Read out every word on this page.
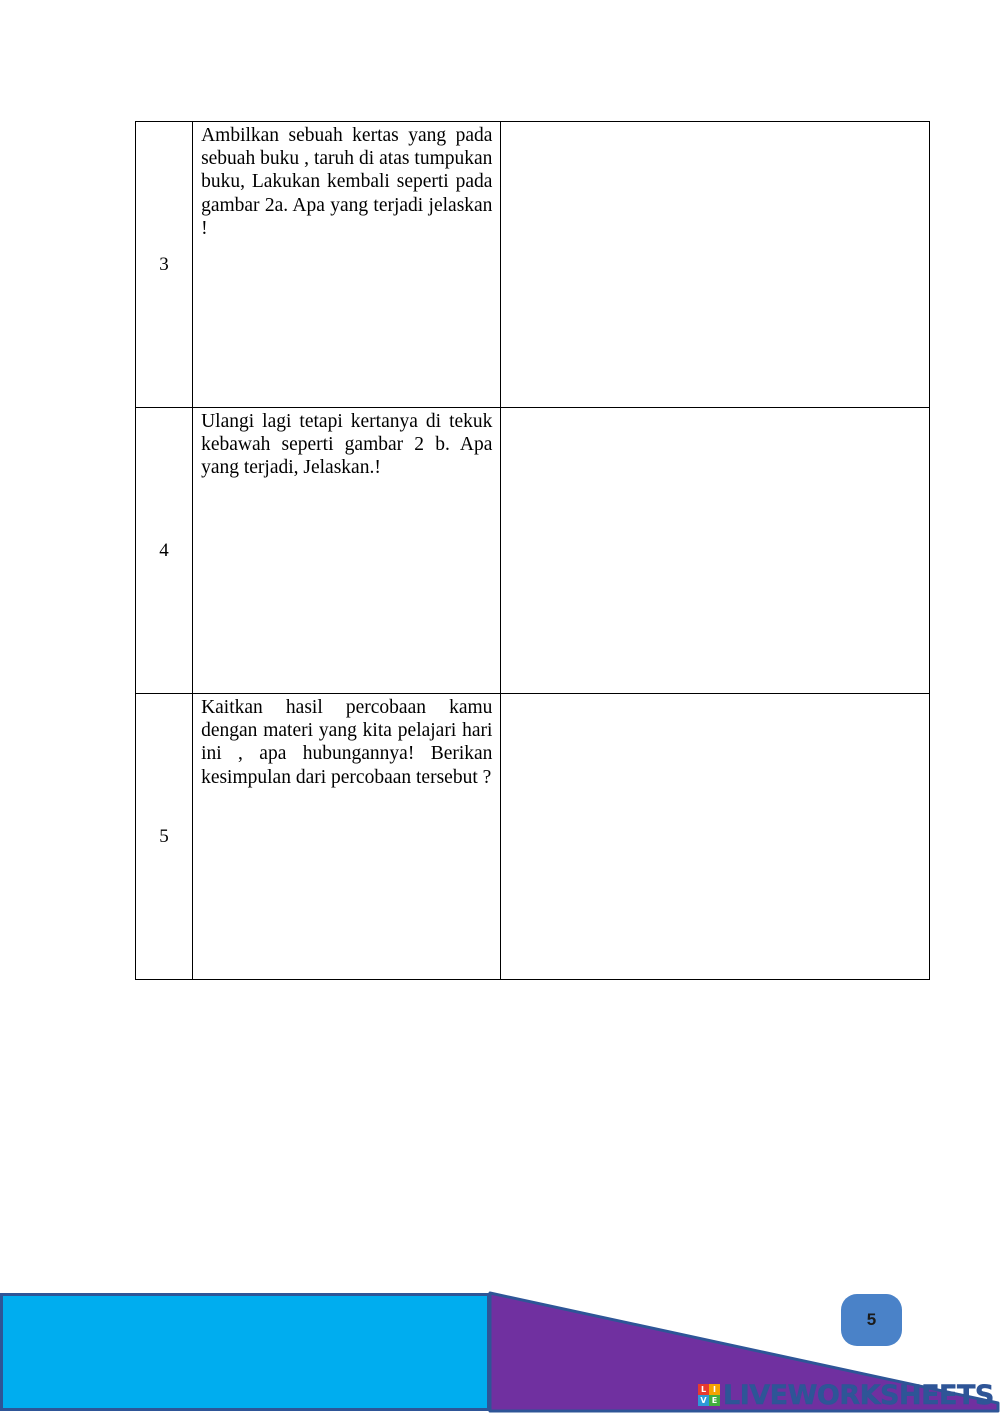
3	Ambilkan sebuah kertas yang pada sebuah buku , taruh di atas tumpukan buku, Lakukan kembali seperti pada gambar 2a. Apa yang terjadi jelaskan !	

4	Ulangi lagi tetapi kertanya di tekuk kebawah seperti gambar 2 b. Apa yang terjadi, Jelaskan.!	

5	Kaitkan hasil percobaan kamu dengan materi yang kita pelajari hari ini , apa hubungannya! Berikan kesimpulan dari percobaan tersebut ?	

5
L I
V E LIVEWORKSHEETS
